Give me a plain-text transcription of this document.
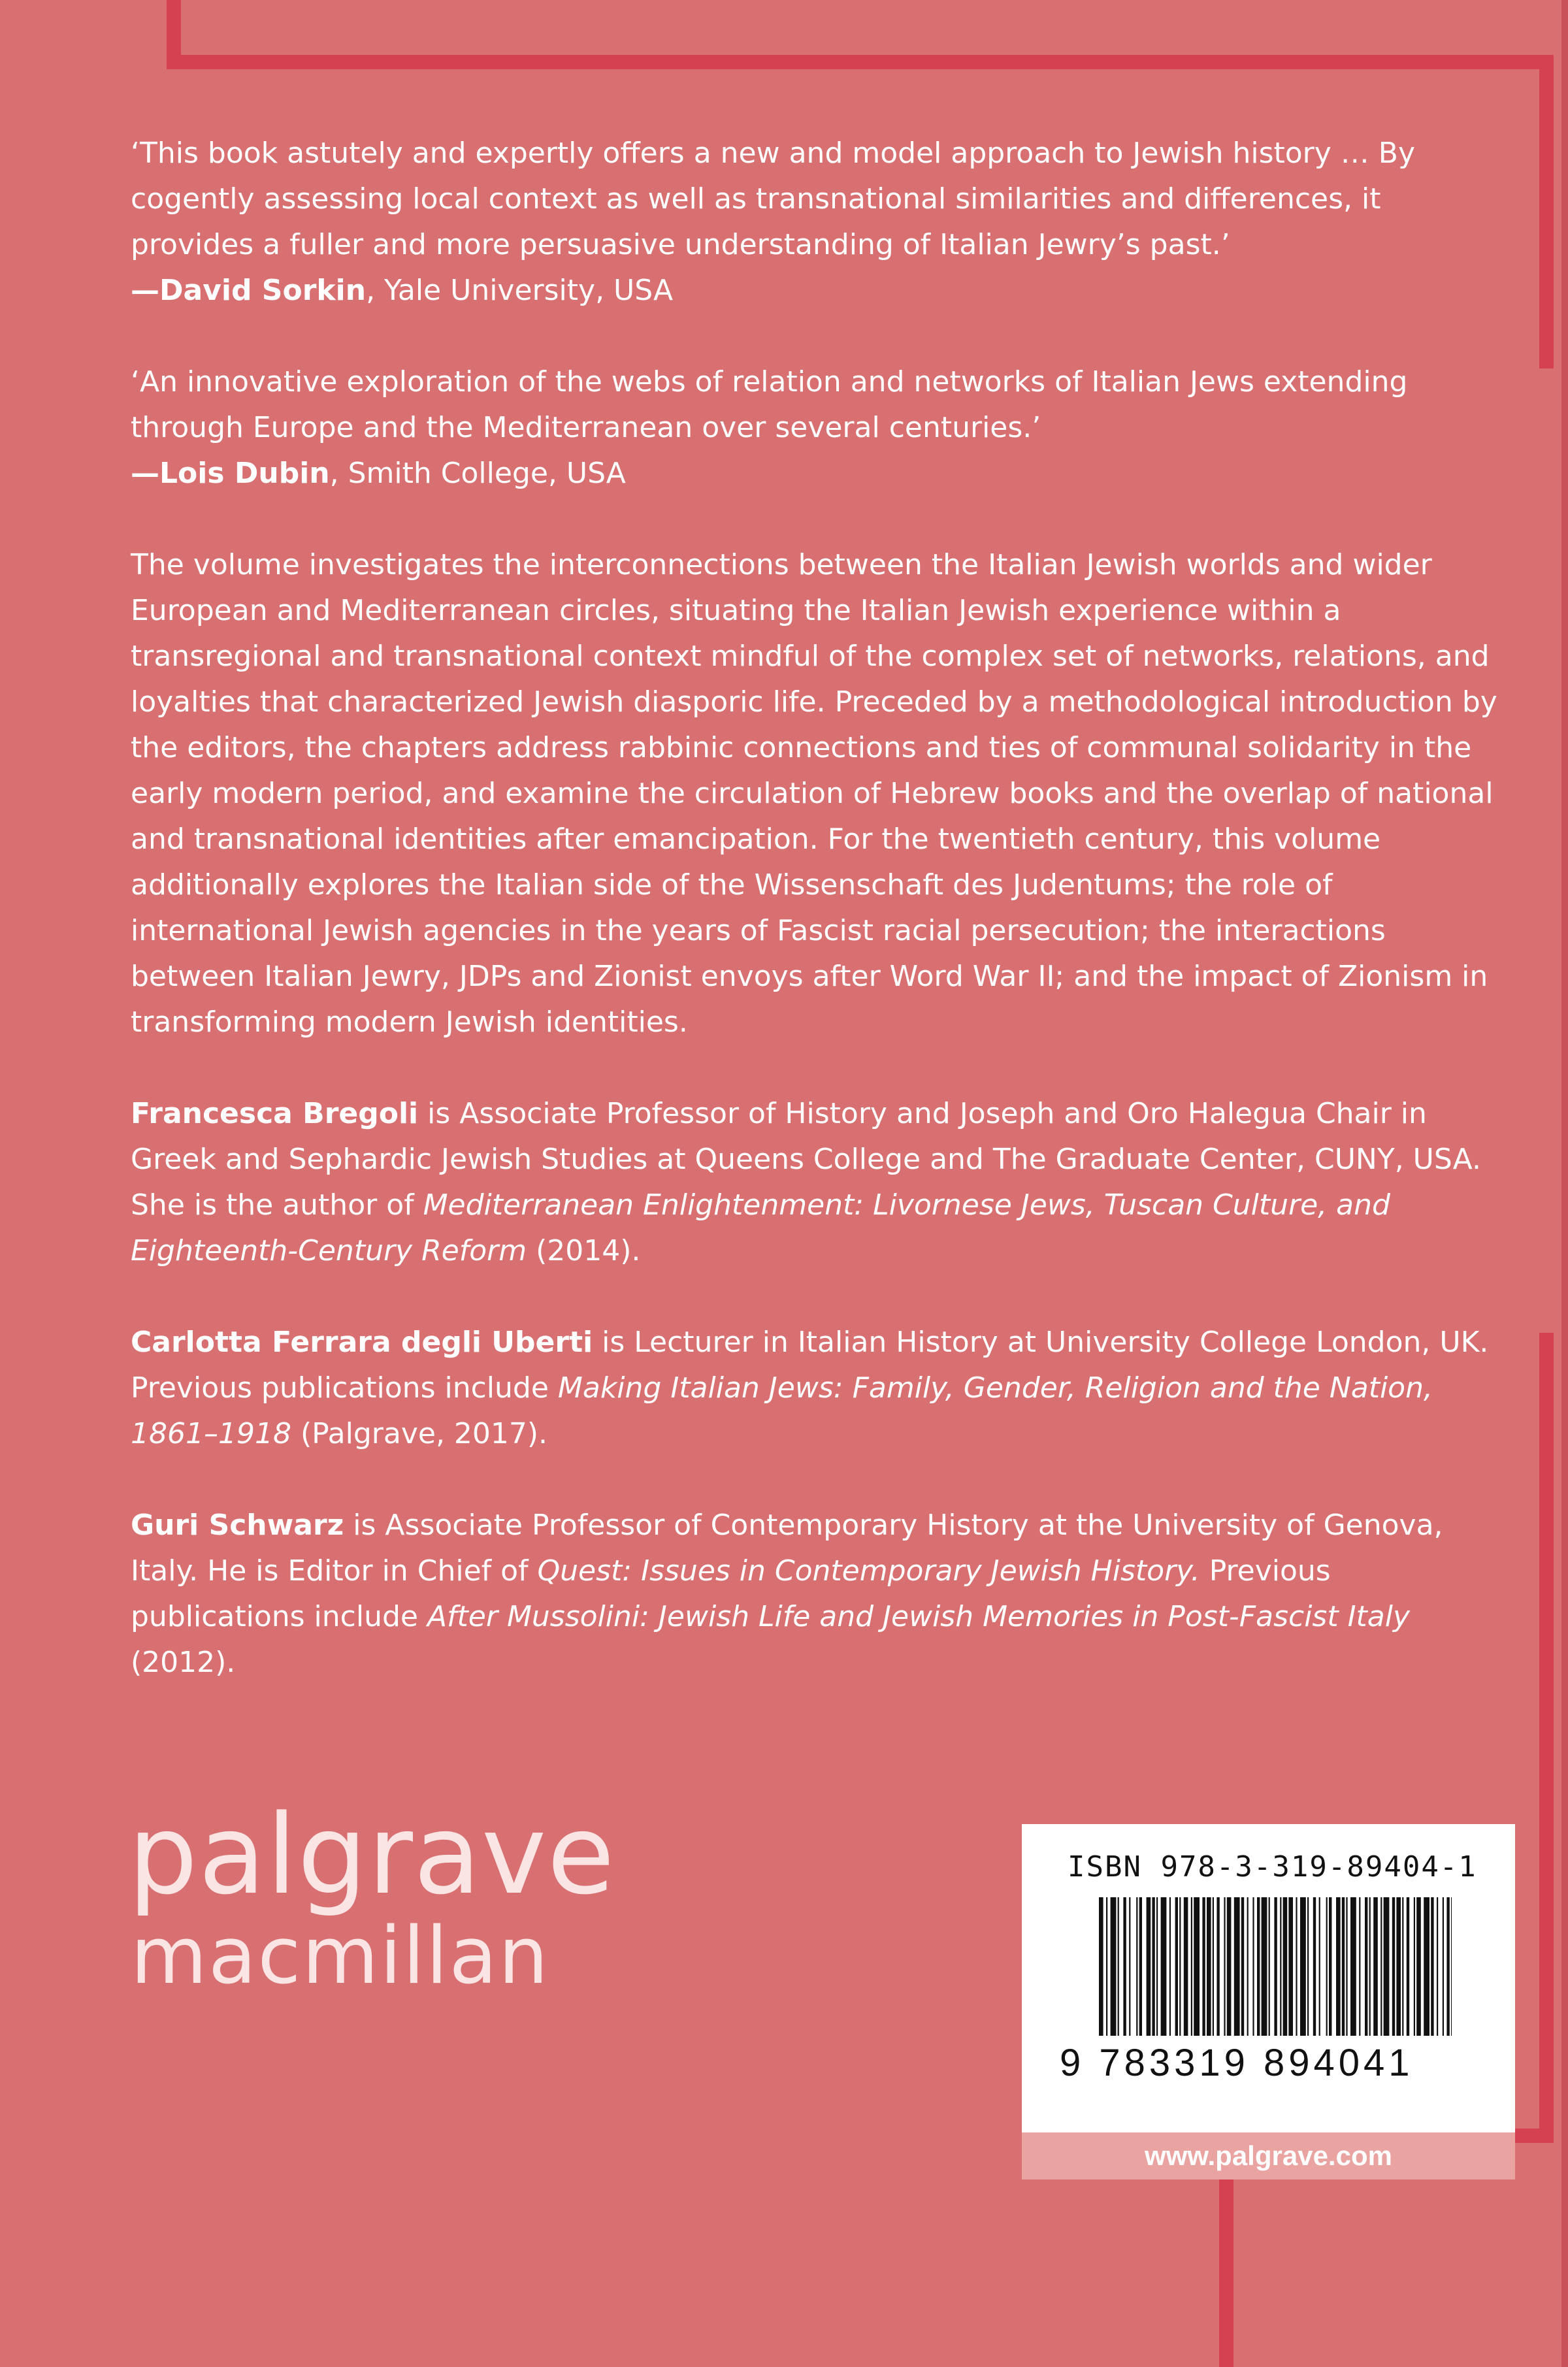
‘This book astutely and expertly offers a new and model approach to Jewish history … By cogently assessing local context as well as transnational similarities and differences, it provides a fuller and more persuasive understanding of Italian Jewry’s past.’
—David Sorkin, Yale University, USA

‘An innovative exploration of the webs of relation and networks of Italian Jews extending through Europe and the Mediterranean over several centuries.’
—Lois Dubin, Smith College, USA

The volume investigates the interconnections between the Italian Jewish worlds and wider European and Mediterranean circles, situating the Italian Jewish experience within a transregional and transnational context mindful of the complex set of networks, relations, and loyalties that characterized Jewish diasporic life. Preceded by a methodological introduction by the editors, the chapters address rabbinic connections and ties of communal solidarity in the early modern period, and examine the circulation of Hebrew books and the overlap of national and transnational identities after emancipation. For the twentieth century, this volume additionally explores the Italian side of the Wissenschaft des Judentums; the role of international Jewish agencies in the years of Fascist racial persecution; the interactions between Italian Jewry, JDPs and Zionist envoys after Word War II; and the impact of Zionism in transforming modern Jewish identities.

Francesca Bregoli is Associate Professor of History and Joseph and Oro Halegua Chair in Greek and Sephardic Jewish Studies at Queens College and The Graduate Center, CUNY, USA. She is the author of Mediterranean Enlightenment: Livornese Jews, Tuscan Culture, and Eighteenth-Century Reform (2014).

Carlotta Ferrara degli Uberti is Lecturer in Italian History at University College London, UK. Previous publications include Making Italian Jews: Family, Gender, Religion and the Nation, 1861–1918 (Palgrave, 2017).

Guri Schwarz is Associate Professor of Contemporary History at the University of Genova, Italy. He is Editor in Chief of Quest: Issues in Contemporary Jewish History. Previous publications include After Mussolini: Jewish Life and Jewish Memories in Post-Fascist Italy (2012).

palgrave
macmillan
ISBN 978-3-319-89404-1
9 783319 894041
www.palgrave.com
